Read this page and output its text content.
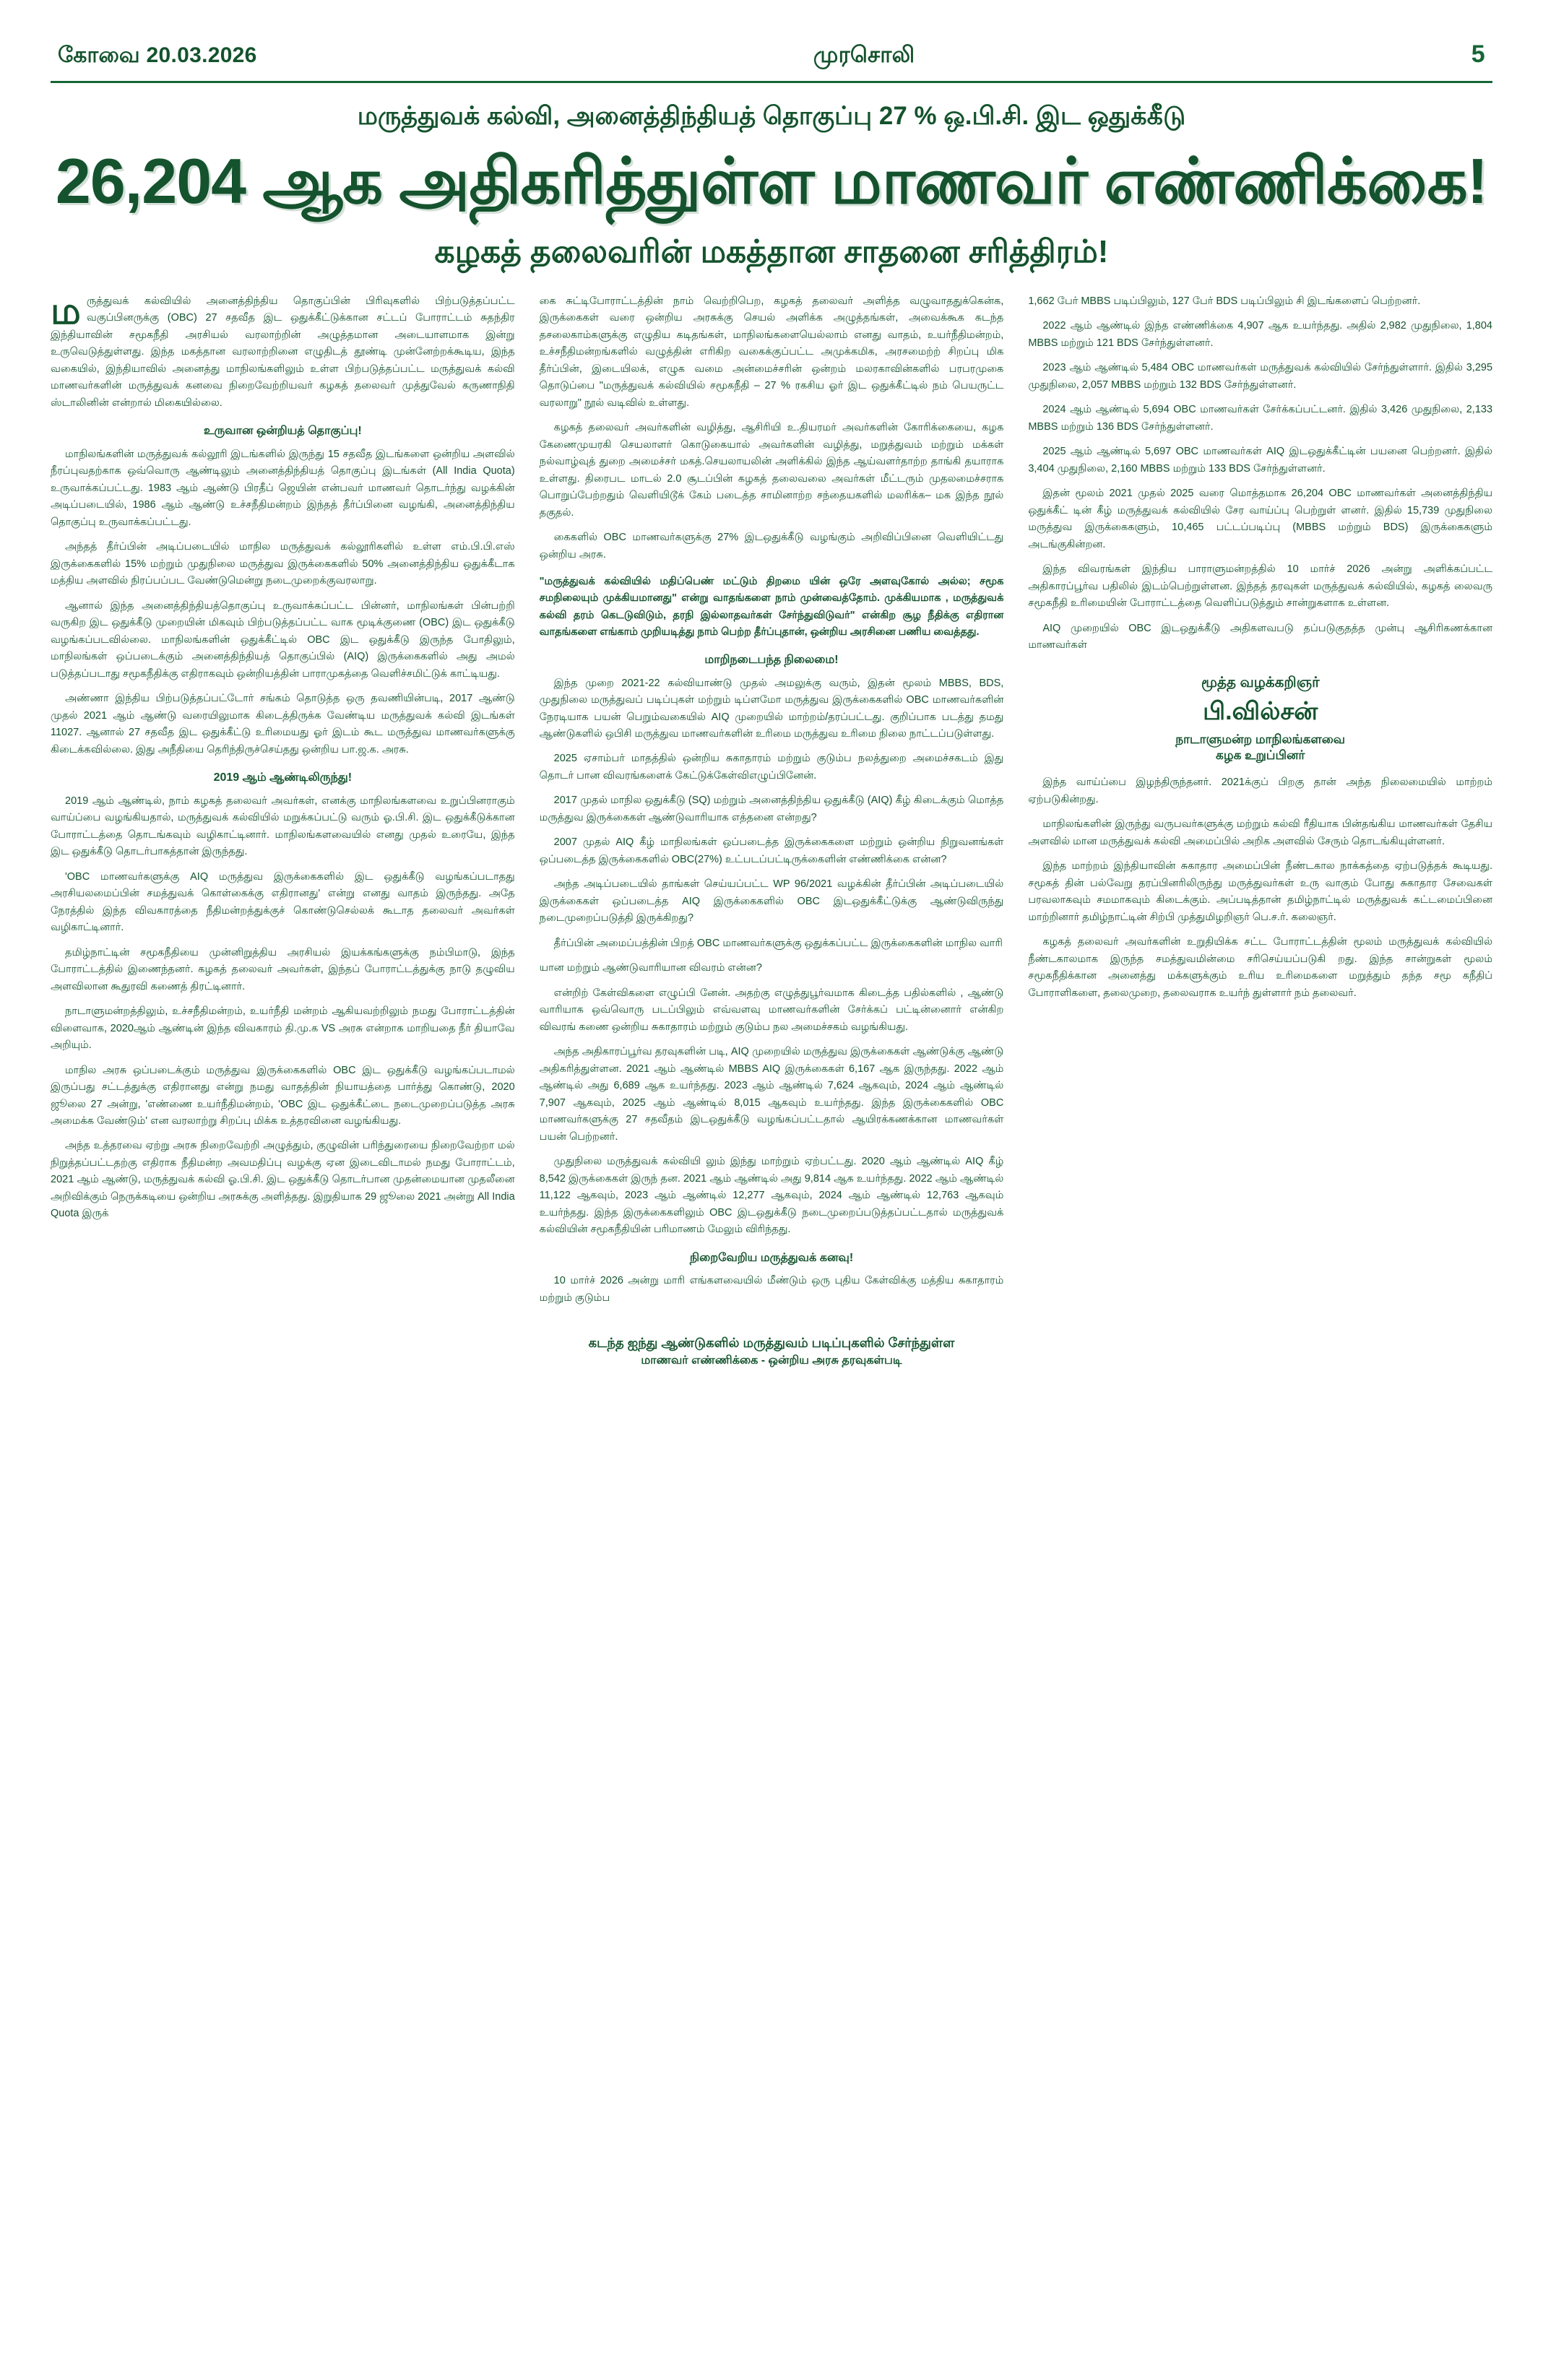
கோவை 20.03.2026	முரசொலி	5
மருத்துவக் கல்வி, அனைத்திந்தியத் தொகுப்பு 27 % ஒ.பி.சி. இட ஒதுக்கீடு
26,204 ஆக அதிகரித்துள்ள மாணவர் எண்ணிக்கை!
கழகத் தலைவரின் மகத்தான சாதனை சரித்திரம்!

ம ருத்துவக் கல்வியில் அனைத்திந்திய தொகுப்பின் பிரிவுகளில் பிற்படுத்தப்பட்ட வகுப்பினருக்கு (OBC) 27 சதவீத இட ஒதுக்கீட்டுக்கான சட்டப் போராட்டம் சுதந்திர இந்தியாவின் சமூகநீதி அரசியல் வரலாற்றின் அழுத்தமான அடையாளமாக இன்று உருவெடுத்துள்ளது. இந்த மகத்தான வரலாற்றினை எழுதிடத் தூண்டி முன்னேற்றக்கூடிய, இந்த வகையில், இந்தியாவில் அனைத்து மாநிலங்களிலும் உள்ள பிற்படுத்தப்பட்ட மருத்துவக் கல்வி மாணவர்களின் மருத்துவக் கனவை நிறைவேற்றியவர் கழகத் தலைவர் முத்துவேல் கருணாநிதி ஸ்டாலினின் என்றால் மிகையில்லை.

உருவான ஒன்றியத் தொகுப்பு!

மாநிலங்களின் மருத்துவக் கல்லூரி இடங்களில் இருந்து 15 சதவீத இடங்களை ஒன்றிய அளவில் நீரப்புவதற்காக ஒவ்வொரு ஆண்டிலும் அனைத்திந்தியத் தொகுப்பு இடங்கள் (All India Quota) உருவாக்கப்பட்டது. 1983 ஆம் ஆண்டு பிரதீப் ஜெயின் என்பவர் மாணவர் தொடர்ந்து வழக்கின் அடிப்படையில், 1986 ஆம் ஆண்டு உச்சநீதிமன்றம் இந்தத் தீர்ப்பினை வழங்கி, அனைத்திந்திய தொகுப்பு உருவாக்கப்பட்டது.

அந்தத் தீர்ப்பின் அடிப்படையில் மாநில மருத்துவக் கல்லூரிகளில் உள்ள எம்.பி.பி.எஸ் இருக்கைகளில் 15% மற்றும் முதுநிலை மருத்துவ இருக்கைகளில் 50% அனைத்திந்திய ஒதுக்கீடாக மத்திய அளவில் நிரப்பப்பட வேண்டுமென்று நடைமுறைக்குவரலாறு.

ஆனால் இந்த அனைத்திந்தியத்தொகுப்பு உருவாக்கப்பட்ட பின்னர், மாநிலங்கள் பின்பற்றி வருகிற இட ஒதுக்கீடு முறையின் மிகவும் பிற்படுத்தப்பட்ட வாக மூடிக்குணை (OBC) இட ஒதுக்கீடு வழங்கப்படவில்லை. மாநிலங்களின் ஒதுக்கீட்டில் OBC இட ஒதுக்கீடு இருந்த போதிலும், மாநிலங்கள் ஒப்படைக்கும் அனைத்திந்தியத் தொகுப்பில் (AIQ) இருக்கைகளில் அது அமல் படுத்தப்படாது சமூகநீதிக்கு எதிராகவும் ஒன்றியத்தின் பாராமுகத்தை வெளிச்சமிட்டுக் காட்டியது.

அண்ணா இந்திய பிற்படுத்தப்பட்டோர் சங்கம் தொடுத்த ஒரு தவணியின்படி, 2017 ஆண்டு முதல் 2021 ஆம் ஆண்டு வரையிலுமாக கிடைத்திருக்க வேண்டிய மருத்துவக் கல்வி இடங்கள் 11027. ஆனால் 27 சதவீத இட ஒதுக்கீட்டு உரிமையது ஓர் இடம் கூட மருத்துவ மாணவர்களுக்கு கிடைக்கவில்லை. இது அநீதியை தெரிந்திருச்செய்தது ஒன்றிய பா.ஜ.க. அரசு.

2019 ஆம் ஆண்டிலிருந்து!

2019 ஆம் ஆண்டில், நாம் கழகத் தலைவர் அவர்கள், எனக்கு மாநிலங்களவை உறுப்பினராகும் வாய்ப்பை வழங்கியதால், மருத்துவக் கல்வியில் மறுக்கப்பட்டு வரும் ஓ.பி.சி. இட ஒதுக்கீடுக்கான போராட்டத்தை தொடங்கவும் வழிகாட்டினார். மாநிலங்களவையில் எனது முதல் உரையே, இந்த இட ஒதுக்கீடு தொடர்பாகத்தான் இருந்தது.

'OBC மாணவர்களுக்கு AIQ மருத்துவ இருக்கைகளில் இட ஒதுக்கீடு வழங்கப்படாதது அரசியலமைப்பின் சமத்துவக் கொள்கைக்கு எதிரானது' என்று எனது வாதம் இருந்தது. அதே நேரத்தில் இந்த விவகாரத்தை நீதிமன்றத்துக்குச் கொண்டுசெல்லக் கூடாத தலைவர் அவர்கள் வழிகாட்டினார்.

தமிழ்நாட்டின் சமூகநீதியை முன்னிறுத்திய அரசியல் இயக்கங்களுக்கு நம்பிமாடு, இந்த போராட்டத்தில் இணைந்தனர். கழகத் தலைவர் அவர்கள், இந்தப் போராட்டத்துக்கு நாடு தழுவிய அளவிலான கூதுரவி கணைத் திரட்டினார்.

நாடாளுமன்றத்திலும், உச்சநீதிமன்றம், உயர்நீதி மன்றம் ஆகியவற்றிலும் நமது போராட்டத்தின் விளைவாக, 2020ஆம் ஆண்டின் இந்த விவகாரம் தி.மு.க VS அரசு என்றாக மாறியதை நீர் தியாவே அறியும்.

மாநில அரசு ஒப்படைக்கும் மருத்துவ இருக்கைகளில் OBC இட ஒதுக்கீடு வழங்கப்படாமல் இருப்பது சட்டத்துக்கு எதிரானது என்று நமது வாதத்தின் நியாயத்தை பார்த்து கொண்டு, 2020 ஜூலை 27 அன்று, 'எண்ணை உயர்நீதிமன்றம், 'OBC இட ஒதுக்கீட்டை நடைமுறைப்படுத்த அரசு அமைக்க வேண்டும்' என வரலாற்று சிறப்பு மிக்க உத்தரவினை வழங்கியது.

அந்த உத்தரவை ஏற்று அரசு நிறைவேற்றி அழுத்தும், குழுவின் பரிந்துரையை நிறைவேற்றா மல் நிறுத்தப்பட்டதற்கு எதிராக நீதிமன்ற அவமதிப்பு வழக்கு ஏன இடைவிடாமல் நமது போராட்டம், 2021 ஆம் ஆண்டு, மருத்துவக் கல்வி ஓ.பி.சி. இட ஒதுக்கீடு தொடர்பான முதன்மையான முதலீனை அறிவிக்கும் நெருக்கடியை ஒன்றிய அரசுக்கு அளித்தது. இறுதியாக 29 ஜூலை 2021 அன்று All India Quota இருக்

கை சுட்டிபோராட்டத்தின் நாம் வெற்றிபெற, கழகத் தலைவர் அளித்த வழுவாததுக்கென்க, இருக்கைகள் வரை ஒன்றிய அரசுக்கு செயல் அளிக்க அழுத்தங்கள், அவைக்கூக கடந்த தசலைகாம்களுக்கு எழுதிய கடிதங்கள், மாநிலங்களையெல்லாம் எனது வாதம், உயர்நீதிமன்றம், உச்சநீதிமன்றங்களில் வழுத்தின் எரிகிற வகைக்குப்பட்ட அமுக்கமிக, அரசமைற்ற் சிறப்பு மிக தீர்ப்பின், இடையிலக், எழுக வமை அன்மைச்சரின் ஒன்றம் மலரகாவின்களில் பரபரமுகை தொடுப்பை "மருத்துவக் கல்வியில் சமூகநீதி – 27 % ரகசிய ஓர் இட ஒதுக்கீட்டில் நம் பெயருட்ட வரலாறு" நூல் வடிவில் உள்ளது.

கழகத் தலைவர் அவர்களின் வழித்து, ஆசிரியி உ.தியரமர் அவர்களின் கோரிக்கையை, கழக கேணைமுயரகி செயலாளர் கொடுகையால் அவர்களின் வழித்து, மறுத்துவம் மற்றும் மக்கள் நல்வாழ்வுத் துறை அமைச்சர் மகத்.செயலாயலின் அளிக்கில் இந்த ஆய்வளர்தாற்ற தாங்கி தயாராக உள்ளது. திரைபட மாடல் 2.0 சூடப்பின் கழகத் தலைவலை அவர்கள் மீட்டரும் முதலமைச்சராக பொறுப்பேற்றதும் வெளியிடூக் கேம் படைத்த சாமினாற்ற சந்தையகளில் மலரிக்க– மக இந்த நூல் தகுதல்.

கைகளில் OBC மாணவர்களுக்கு 27% இடஒதுக்கீடு வழங்கும் அறிவிப்பினை வெளியிட்டது ஒன்றிய அரசு.

"மருத்துவக் கல்வியில் மதிப்பெண் மட்டும் திறமை யின் ஒரே அளவுகோல் அல்ல; சமூக சமநிலையும் முக்கியமானது" என்று வாதங்களை நாம் முன்வைத்தோம். முக்கியமாக , மருத்துவக் கல்வி தரம் கெடடுவிடும், தரநி இல்லாதவர்கள் சேர்ந்துவிடுவர்" என்கிற சூழ நீதிக்கு எதிரான வாதங்களை எங்காம் முறியடித்து நாம் பெற்ற தீர்ப்புதான், ஒன்றிய அரசினை பணிய வைத்தது.

மாறிநடைபந்த நிலைமை!

இந்த முறை 2021-22 கல்வியாண்டு முதல் அமலுக்கு வரும், இதன் மூலம் MBBS, BDS, முதுநிலை மருத்துவப் படிப்புகள் மற்றும் டிப்ளமோ மருத்துவ இருக்கைகளில் OBC மாணவர்களின் நேரடியாக பயன் பெறும்வகையில் AIQ முறையில் மாற்றம்/தரப்பட்டது. குறிப்பாக படத்து தமது ஆண்டுகளில் ஒபிசி மருத்துவ மாணவர்களின் உரிமை மருத்துவ உரிமை நிலை நாட்டப்படுள்ளது.

2025 ஏசாம்பர் மாதத்தில் ஒன்றிய சுகாதாரம் மற்றும் குடும்ப நலத்துறை அமைச்சகடம் இது தொடர் பான விவரங்களைக் கேட்டுக்கேள்விஎழுப்பினேன்.

2017 முதல் மாநில ஒதுக்கீடு (SQ) மற்றும் அனைத்திந்திய ஒதுக்கீடு (AIQ) கீழ் கிடைக்கும் மொத்த மருத்துவ இருக்கைகள் ஆண்டுவாரியாக எத்தனை என்றது?

2007 முதல் AIQ கீழ் மாநிலங்கள் ஒப்படைத்த இருக்கைகளை மற்றும் ஒன்றிய நிறுவனங்கள் ஒப்படைத்த இருக்கைகளில் OBC(27%) உட்படப்பட்டிருக்கைளின் எண்ணிக்கை என்ன?

அந்த அடிப்படையில் தாங்கள் செய்யப்பட்ட WP 96/2021 வழக்கின் தீர்ப்பின் அடிப்படையில் இருக்கைகள் ஒப்படைத்த AIQ இருக்கைகளில் OBC இடஒதுக்கீட்டுக்கு ஆண்டுவிருந்து நடைமுறைப்படுத்தி இருக்கிறது?

தீர்ப்பின் அமைப்பத்தின் பிறத் OBC மாணவர்களுக்கு ஒதுக்கப்பட்ட இருக்கைகளின் மாநில வாரி

யான மற்றும் ஆண்டுவாரியான விவரம் என்ன?

என்றிற் கேள்விகளை எழுப்பி னேன். அதற்கு எழுத்துபூர்வமாக கிடைத்த பதில்களில் , ஆண்டு வாரியாக ஒவ்வொரு படப்பிலும் எவ்வளவு மாணவர்களின் சேர்க்கப் பட்டின்னைார் என்கிற விவரங் கணை ஒன்றிய சுகாதாரம் மற்றும் குடும்ப நல அமைச்சகம் வழங்கியது.

அந்த அதிகாரப்பூர்வ தரவுகளின் படி, AIQ முறையில் மருத்துவ இருக்கைகள் ஆண்டுக்கு ஆண்டு அதிகரித்துள்ளன. 2021 ஆம் ஆண்டில் MBBS AIQ இருக்கைகள் 6,167 ஆக இருந்தது. 2022 ஆம் ஆண்டில் அது 6,689 ஆக உயர்ந்தது. 2023 ஆம் ஆண்டில் 7,624 ஆகவும், 2024 ஆம் ஆண்டில் 7,907 ஆகவும், 2025 ஆம் ஆண்டில் 8,015 ஆகவும் உயர்ந்தது. இந்த இருக்கைகளில் OBC மாணவர்களுக்கு 27 சதவீதம் இடஒதுக்கீடு வழங்கப்பட்டதால் ஆயிரக்கணக்கான மாணவர்கள் பயன் பெற்றனர்.

முதுநிலை மருத்துவக் கல்வியி லும் இந்து மாற்றும் ஏற்பட்டது. 2020 ஆம் ஆண்டில் AIQ கீழ் 8,542 இருக்கைகள் இருந் தன. 2021 ஆம் ஆண்டில் அது 9,814 ஆக உயர்ந்தது. 2022 ஆம் ஆண்டில் 11,122 ஆகவும், 2023 ஆம் ஆண்டில் 12,277 ஆகவும், 2024 ஆம் ஆண்டில் 12,763 ஆகவும் உயர்ந்தது. இந்த இருக்கைகளிலும் OBC இடஒதுக்கீடு நடைமுறைப்படுத்தப்பட்டதால் மருத்துவக் கல்வியின் சமூகநீதியின் பரிமாணம் மேலும் விரிந்தது.

நிறைவேறிய மருத்துவக் கனவு!

10 மார்ச் 2026 அன்று மாரி எங்களவையில் மீண்டும் ஒரு புதிய கேள்விக்கு மத்திய சுகாதாரம் மற்றும் குடும்ப

1,662 பேர் MBBS படிப்பிலும், 127 பேர் BDS படிப்பிலும் சி இடங்களைப் பெற்றனர்.

2022 ஆம் ஆண்டில் இந்த எண்ணிக்கை 4,907 ஆக உயர்ந்தது. அதில் 2,982 முதுநிலை, 1,804 MBBS மற்றும் 121 BDS சேர்ந்துள்ளனர்.

2023 ஆம் ஆண்டில் 5,484 OBC மாணவர்கள் மருத்துவக் கல்வியில் சேர்ந்துள்ளார். இதில் 3,295 முதுநிலை, 2,057 MBBS மற்றும் 132 BDS சேர்ந்துள்ளனர்.

2024 ஆம் ஆண்டில் 5,694 OBC மாணவர்கள் சேர்க்கப்பட்டனர். இதில் 3,426 முதுநிலை, 2,133 MBBS மற்றும் 136 BDS சேர்ந்துள்ளனர்.

2025 ஆம் ஆண்டில் 5,697 OBC மாணவர்கள் AIQ இடஒதுக்கீட்டின் பயனை பெற்றனர். இதில் 3,404 முதுநிலை, 2,160 MBBS மற்றும் 133 BDS சேர்ந்துள்ளனர்.

இதன் மூலம் 2021 முதல் 2025 வரை மொத்தமாக 26,204 OBC மாணவர்கள் அனைத்திந்திய ஒதுக்கீட் டின் கீழ் மருத்துவக் கல்வியில் சேர வாய்ப்பு பெற்றுள் ளனர். இதில் 15,739 முதுநிலை மருத்துவ இருக்கைகளும், 10,465 பட்டப்படிப்பு (MBBS மற்றும் BDS) இருக்கைகளும் அடங்குகின்றன.

இந்த விவரங்கள் இந்திய பாராளுமன்றத்தில் 10 மார்ச் 2026 அன்று அளிக்கப்பட்ட அதிகாரப்பூர்வ பதிலில் இடம்பெற்றுள்ளன. இந்தத் தரவுகள் மருத்துவக் கல்வியில், கழகத் லைவரு சமூகநீதி உரிமையின் போராட்டத்தை வெளிப்படுத்தும் சான்றுகளாக உள்ளன.

AIQ முறையில் OBC இடஒதுக்கீடு அதிகளவபடு தப்படுகுதத்த முன்பு ஆசிரிகணக்கான மாணவர்கள்

மூத்த வழக்கறிஞர்
பி.வில்சன்
நாடாளுமன்ற மாநிலங்களவை
கழக உறுப்பினர்

இந்த வாய்ப்பை இழந்திருந்தனர். 2021க்குப் பிறகு தான் அந்த நிலைமையில் மாற்றம் ஏற்படுகின்றது.

மாநிலங்களின் இருந்து வருபவர்களுக்கு மற்றும் கல்வி ரீதியாக பின்தங்கிய மாணவர்கள் தேசிய அளவில் மான மருத்துவக் கல்வி அமைப்பில் அறிக அளவில் சேரும் தொடங்கியுள்ளனர்.

இந்த மாற்றம் இந்தியாவின் சுகாதார அமைப்பின் நீண்டகால நாக்கத்தை ஏற்படுத்தக் கூடியது. சமூகத் தின் பல்வேறு தரப்பினரிலிருந்து மருத்துவர்கள் உரு வாகும் போது சுகாதார சேவைகள் பரவலாகவும் சமமாகவும் கிடைக்கும். அப்படித்தான் தமிழ்நாட்டில் மருத்துவக் கட்டமைப்பினை மாற்றினார் தமிழ்நாட்டின் சிற்பி முத்துமிழறிஞர் பெ.ச.ர். கலைஞர்.

கழகத் தலைவர் அவர்களின் உறுதியிக்க சட்ட போராட்டத்தின் மூலம் மருத்துவக் கல்வியில் நீண்டகாலமாக இருந்த சமத்துவமின்மை சரிசெய்யப்படுகி றது. இந்த சான்றுகள் மூலம் சமூகநீதிக்கான அனைத்து மக்களுக்கும் உரிய உரிமைகளை மறுத்தும் தந்த சமூ கநீதிப் போராளிகளை, தலைமுறை, தலைவராக உயர்ந் துள்ளார் நம் தலைவர்.

கடந்த ஐந்து ஆண்டுகளில் மருத்துவம் படிப்புகளில் சேர்ந்துள்ள
மாணவர் எண்ணிக்கை - ஒன்றிய அரசு தரவுகள்படி
